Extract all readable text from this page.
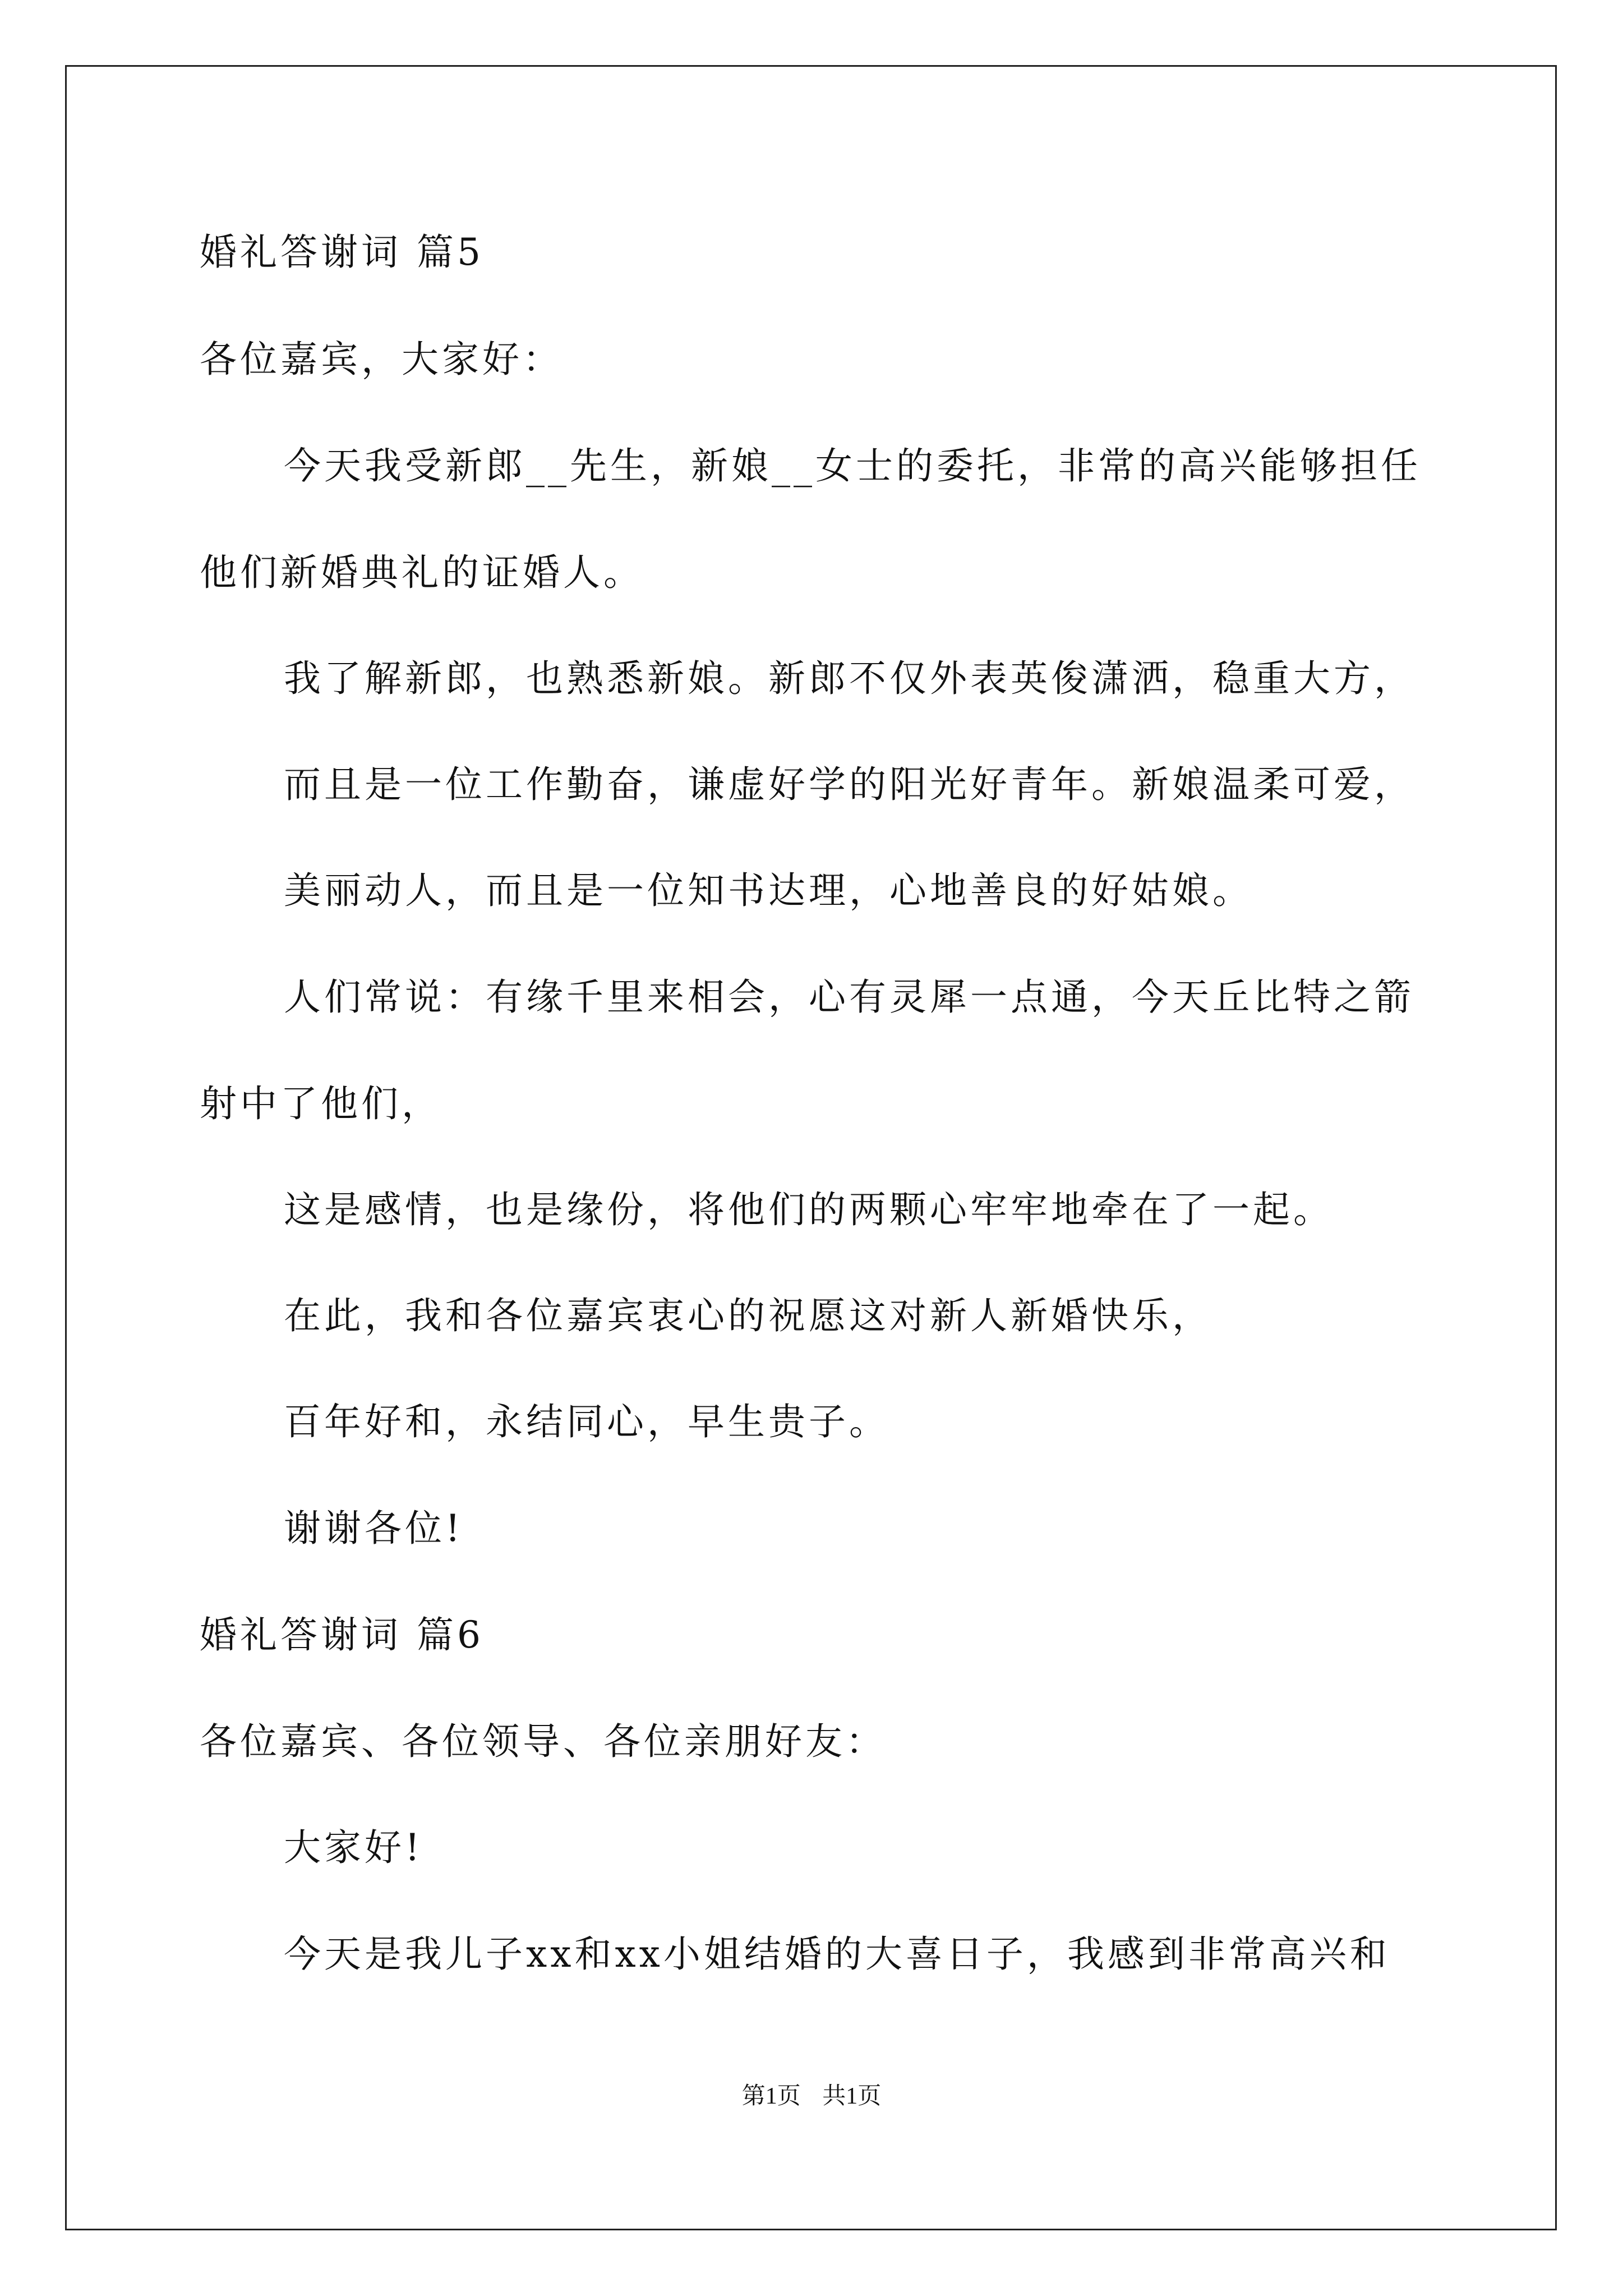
婚礼答谢词 篇5
各位嘉宾，大家好：
今天我受新郎__先生，新娘__女士的委托，非常的高兴能够担任
他们新婚典礼的证婚人。
我了解新郎，也熟悉新娘。新郎不仅外表英俊潇洒，稳重大方，
而且是一位工作勤奋，谦虚好学的阳光好青年。新娘温柔可爱，
美丽动人，而且是一位知书达理，心地善良的好姑娘。
人们常说：有缘千里来相会，心有灵犀一点通，今天丘比特之箭
射中了他们，
这是感情，也是缘份，将他们的两颗心牢牢地牵在了一起。
在此，我和各位嘉宾衷心的祝愿这对新人新婚快乐，
百年好和，永结同心，早生贵子。
谢谢各位!
婚礼答谢词 篇6
各位嘉宾、各位领导、各位亲朋好友：
大家好!
今天是我儿子xx和xx小姐结婚的大喜日子，我感到非常高兴和
第1页 共1页
